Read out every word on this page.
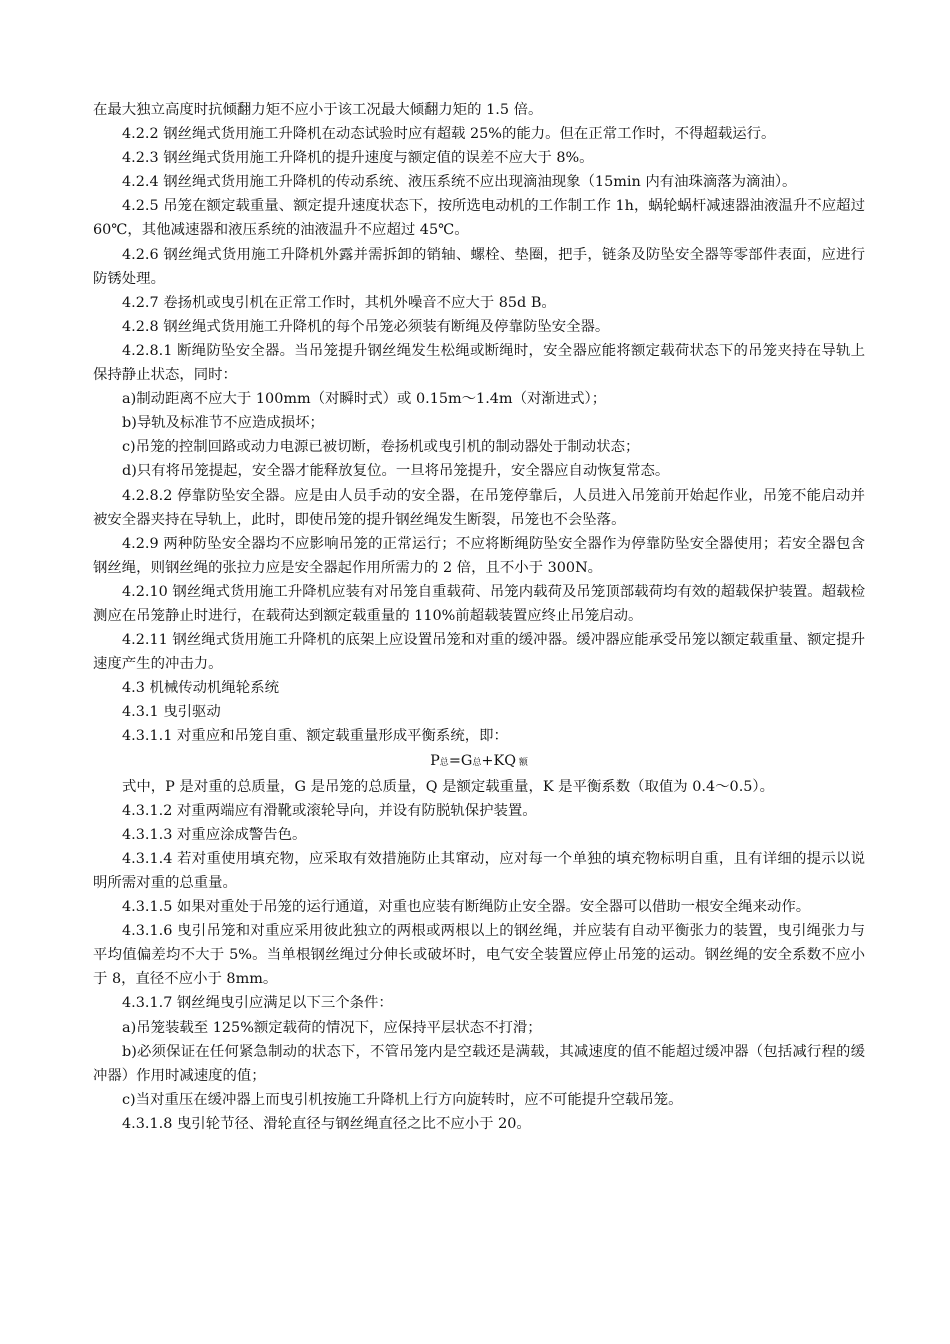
在最大独立高度时抗倾翻力矩不应小于该工况最大倾翻力矩的 1.5 倍。

4.2.2 钢丝绳式货用施工升降机在动态试验时应有超载 25%的能力。但在正常工作时，不得超载运行。

4.2.3 钢丝绳式货用施工升降机的提升速度与额定值的误差不应大于 8%。

4.2.4 钢丝绳式货用施工升降机的传动系统、液压系统不应出现滴油现象（15min 内有油珠滴落为滴油）。

4.2.5 吊笼在额定载重量、额定提升速度状态下，按所选电动机的工作制工作 1h，蜗轮蜗杆减速器油液温升不应超过 60℃，其他减速器和液压系统的油液温升不应超过 45℃。

4.2.6 钢丝绳式货用施工升降机外露并需拆卸的销轴、螺栓、垫圈，把手，链条及防坠安全器等零部件表面，应进行防锈处理。

4.2.7 卷扬机或曳引机在正常工作时，其机外噪音不应大于 85d B。

4.2.8 钢丝绳式货用施工升降机的每个吊笼必须装有断绳及停靠防坠安全器。

4.2.8.1 断绳防坠安全器。当吊笼提升钢丝绳发生松绳或断绳时，安全器应能将额定载荷状态下的吊笼夹持在导轨上保持静止状态，同时：

a)制动距离不应大于 100mm（对瞬时式）或 0.15m～1.4m（对渐进式）；

b)导轨及标准节不应造成损坏；

c)吊笼的控制回路或动力电源已被切断，卷扬机或曳引机的制动器处于制动状态；

d)只有将吊笼提起，安全器才能释放复位。一旦将吊笼提升，安全器应自动恢复常态。

4.2.8.2 停靠防坠安全器。应是由人员手动的安全器，在吊笼停靠后，人员进入吊笼前开始起作业，吊笼不能启动并被安全器夹持在导轨上，此时，即使吊笼的提升钢丝绳发生断裂，吊笼也不会坠落。

4.2.9 两种防坠安全器均不应影响吊笼的正常运行；不应将断绳防坠安全器作为停靠防坠安全器使用；若安全器包含钢丝绳，则钢丝绳的张拉力应是安全器起作用所需力的 2 倍，且不小于 300N。

4.2.10 钢丝绳式货用施工升降机应装有对吊笼自重载荷、吊笼内载荷及吊笼顶部载荷均有效的超载保护装置。超载检测应在吊笼静止时进行，在载荷达到额定载重量的 110%前超载装置应终止吊笼启动。

4.2.11 钢丝绳式货用施工升降机的底架上应设置吊笼和对重的缓冲器。缓冲器应能承受吊笼以额定载重量、额定提升速度产生的冲击力。

4.3 机械传动机绳轮系统

4.3.1 曳引驱动

4.3.1.1 对重应和吊笼自重、额定载重量形成平衡系统，即：

P总=G总+KQ 额

式中，P 是对重的总质量，G 是吊笼的总质量，Q 是额定载重量，K 是平衡系数（取值为 0.4～0.5）。

4.3.1.2 对重两端应有滑靴或滚轮导向，并设有防脱轨保护装置。

4.3.1.3 对重应涂成警告色。

4.3.1.4 若对重使用填充物，应采取有效措施防止其窜动，应对每一个单独的填充物标明自重，且有详细的提示以说明所需对重的总重量。

4.3.1.5 如果对重处于吊笼的运行通道，对重也应装有断绳防止安全器。安全器可以借助一根安全绳来动作。

4.3.1.6 曳引吊笼和对重应采用彼此独立的两根或两根以上的钢丝绳，并应装有自动平衡张力的装置，曳引绳张力与平均值偏差均不大于 5%。当单根钢丝绳过分伸长或破坏时，电气安全装置应停止吊笼的运动。钢丝绳的安全系数不应小于 8，直径不应小于 8mm。

4.3.1.7 钢丝绳曳引应满足以下三个条件：

a)吊笼装载至 125%额定载荷的情况下，应保持平层状态不打滑；

b)必须保证在任何紧急制动的状态下，不管吊笼内是空载还是满载，其减速度的值不能超过缓冲器（包括减行程的缓冲器）作用时减速度的值；

c)当对重压在缓冲器上而曳引机按施工升降机上行方向旋转时，应不可能提升空载吊笼。

4.3.1.8 曳引轮节径、滑轮直径与钢丝绳直径之比不应小于 20。
